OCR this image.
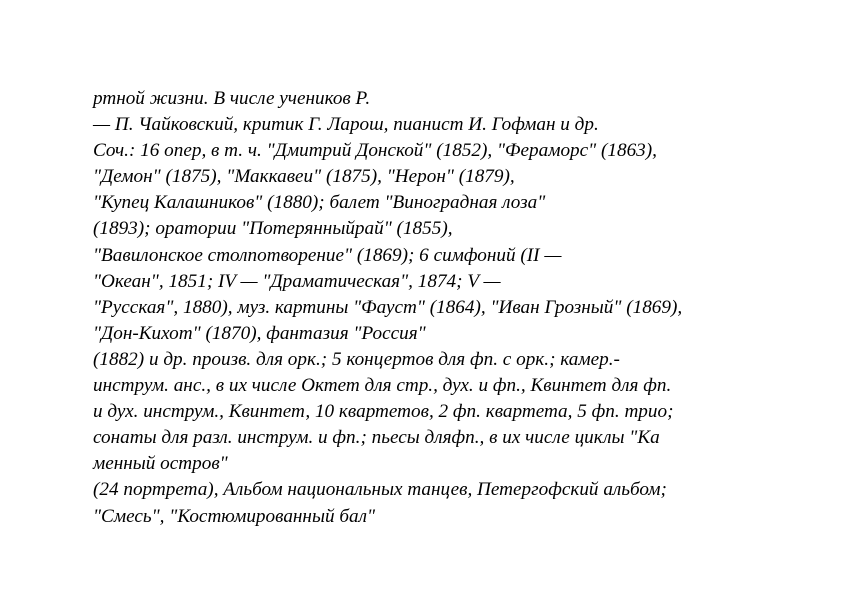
ртной жизни. В числе учеников Р.
— П. Чайковский, критик Г. Ларош, пианист И. Гофман и др.
Соч.: 16 опер, в т. ч. "Дмитрий Донской" (1852), "Фераморс" (1863),
"Демон" (1875), "Маккавеи" (1875), "Нерон" (1879),
"Купец Калашников" (1880); балет "Виноградная лоза"
(1893); оратории "Потерянныйрай" (1855),
"Вавилонское столпотворение" (1869); 6 симфоний (II —
"Океан", 1851; IV — "Драматическая", 1874; V —
"Русская", 1880), муз. картины "Фауст" (1864), "Иван Грозный" (1869),
"Дон-Кихот" (1870), фантазия "Россия"
(1882) и др. произв. для орк.; 5 концертов для фп. с орк.; камер.-
инструм. анс., в их числе Октет для стр., дух. и фп., Квинтет для фп.
и дух. инструм., Квинтет, 10 квартетов, 2 фп. квартета, 5 фп. трио;
сонаты для разл. инструм. и фп.; пьесы дляфп., в их числе циклы "Ка
менный остров"
(24 портрета), Альбом национальных танцев, Петергофский альбом;
"Смесь", "Костюмированный бал"
